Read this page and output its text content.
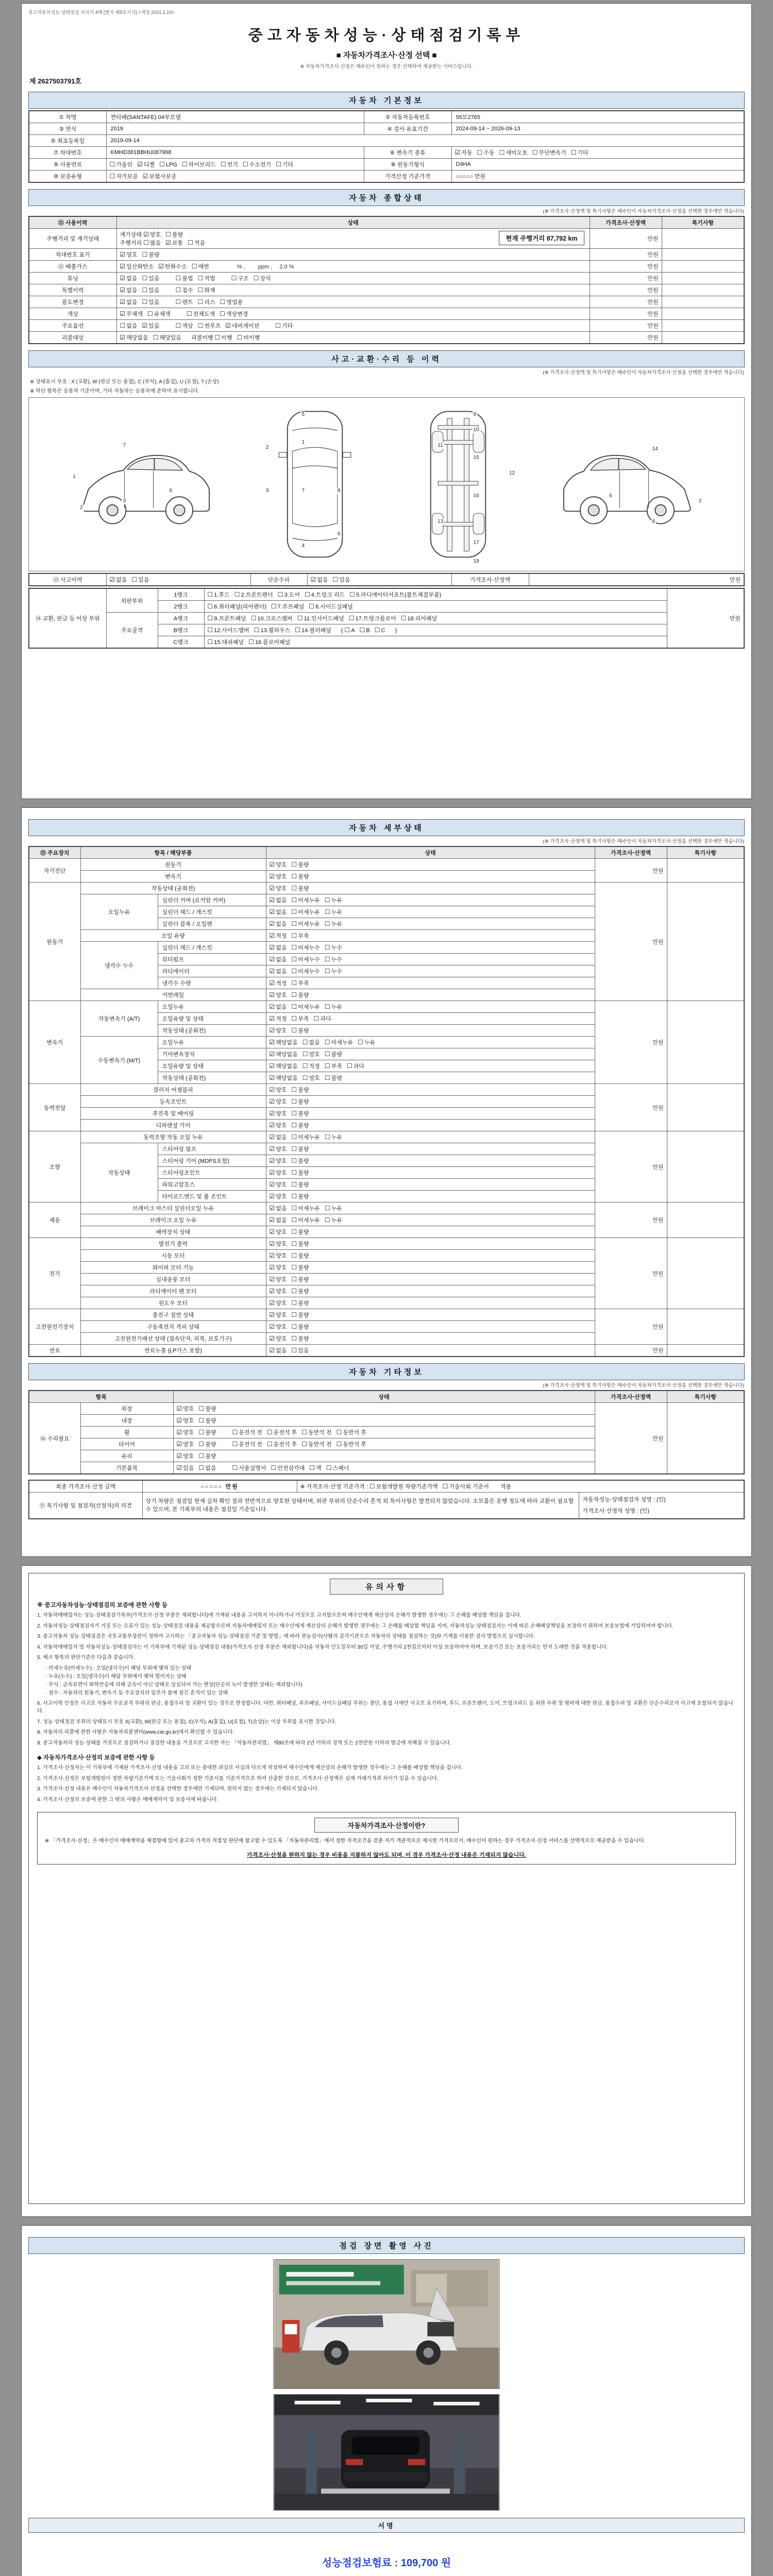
중고자동차성능·상태점검 서식지 4매 [별지 제9호서식] <개정 2021.1.19>
중고자동차성능·상태점검기록부
■ 자동차가격조사·산정 선택 ■
※ 자동차가격조사·산정은 매수인이 원하는 경우 선택하여 제공받는 서비스입니다.
제 2627503791호
자동차 기본정보
① 차명	싼타페(SANTAFE) 04부모델	② 자동차등록번호	55모2765
③ 연식	2019	④ 검사 유효기간	2024-09-14 ~ 2026-09-13
⑤ 최초등록일	2019-09-14		
⑦ 차대번호	KMHD381BBHU087968	⑥ 변속기 종류	☑ 자동 ☐ 수동 ☐ 세미오토 ☐ 무단변속기 ☐ 기타
⑨ 사용연료	☐ 가솔린 ☑ 디젤 ☐ LPG ☐ 하이브리드 ☐ 전기 ☐ 수소전기 ☐ 기타	⑧ 원동기형식	D4HA
⑩ 보증유형	☐ 자가보증 ☑ 보험사보증	가격산정 기준가격	○○○○○ 만원
자동차 종합상태
(※ 가격조사·산정액 및 특기사항은 매수인이 자동차가격조사·산정을 선택한 경우에만 적습니다)
⑪ 사용이력	상태	가격조사·산정액	특기사항
주행거리 및 계기상태	현재 주행거리 87,792 km
계기상태 ☑ 양호 ☐ 불량
주행거리 ☐ 많음 ☑ 보통 ☐ 적음	만원	
차대번호 표기	☑ 양호 ☐ 불량	만원	
⑫ 배출가스	☑ 일산화탄소 ☑ 탄화수소 ☐ 매연 　　 % ,　　 ppm ,　 2.0 %	만원	
튜닝	☑ 없음 ☐ 있음 ☐ 불법 ☐ 적법 ☐ 구조 ☐ 장치	만원	
특별이력	☑ 없음 ☐ 있음 ☐ 침수 ☐ 화재	만원	
용도변경	☑ 없음 ☐ 있음 ☐ 렌트 ☐ 리스 ☐ 영업용	만원	
색상	☑ 무채색 ☐ 유채색 ☐ 전체도색 ☐ 색상변경	만원	
주요옵션	☐ 없음 ☑ 있음 ☐ 색상 ☐ 썬루프 ☑ 네비게이션 ☐ 기타	만원	
리콜대상	☑ 해당없음 ☐ 해당있음 리콜이행 ☐ 이행 ☐ 미이행	만원	
사고·교환·수리 등 이력
(※ 가격조사·산정액 및 특기사항은 매수인이 자동차가격조사·산정을 선택한 경우에만 적습니다)
※ 상태표시 부호 : X (교환), W (판금 또는 용접), C (부식), A (흠집), U (요철), T (손상)
※ 하단 항목은 승용차 기준이며, 기타 자동차는 승용차에 준하여 표시합니다.
7
1
3
6
2
5
1
2
3	7	8
6
4
9
10
11
15
12
16
13
17
18
14
6
8
2
⑬ 사고이력	☑ 없음 ☐ 있음	단순수리	☑ 없음 ☐ 있음	가격조사·산정액	만원
⑭ 교환, 판금 등 이상 부위	외판부위	1랭크	☐ 1.후드 ☐ 2.프론트펜더 ☐ 3.도어 ☐ 4.트렁크 리드 ☐ 5.라디에이터서포트(볼트체결부품)	만원
		2랭크	☐ 6.쿼터패널(리어펜더) ☐ 7.루프패널 ☐ 8.사이드실패널	
	주요골격	A랭크	☐ 9.프론트패널 ☐ 10.크로스멤버 ☐ 11.인사이드패널 ☐ 17.트렁크플로어 ☐ 18.리어패널	
		B랭크	☐ 12.사이드멤버 ☐ 13.휠하우스 ☐ 14.필러패널 ( ☐ A ☐ B ☐ C )	
		C랭크	☐ 15.대쉬패널 ☐ 16.플로어패널	
자동차 세부상태
(※ 가격조사·산정액 및 특기사항은 매수인이 자동차가격조사·산정을 선택한 경우에만 적습니다)
⑮ 주요장치	항목 / 해당부품		상태	가격조사·산정액	특기사항
자기진단	원동기		☑ 양호 ☐ 불량	만원	
	변속기		☑ 양호 ☐ 불량		
원동기	작동상태 (공회전)		☑ 양호 ☐ 불량	만원	
	오일누유	실린더 커버 (로커암 커버)	☑ 없음 ☐ 미세누유 ☐ 누유		
		실린더 헤드 / 개스킷	☑ 없음 ☐ 미세누유 ☐ 누유		
		실린더 블록 / 오일팬	☑ 없음 ☐ 미세누유 ☐ 누유		
	오일 유량		☑ 적정 ☐ 부족		
	냉각수 누수	실린더 헤드 / 개스킷	☑ 없음 ☐ 미세누수 ☐ 누수		
		워터펌프	☑ 없음 ☐ 미세누수 ☐ 누수		
		라디에이터	☑ 없음 ☐ 미세누수 ☐ 누수		
		냉각수 수량	☑ 적정 ☐ 부족		
	커먼레일		☑ 양호 ☐ 불량		
변속기	자동변속기 (A/T)	오일누유	☑ 없음 ☐ 미세누유 ☐ 누유	만원	
		오일유량 및 상태	☑ 적정 ☐ 부족 ☐ 과다		
		작동상태 (공회전)	☑ 양호 ☐ 불량		
	수동변속기 (M/T)	오일누유	☑ 해당없음 ☐ 없음 ☐ 미세누유 ☐ 누유		
		기어변속장치	☑ 해당없음 ☐ 양호 ☐ 불량		
		오일유량 및 상태	☑ 해당없음 ☐ 적정 ☐ 부족 ☐ 과다		
		작동상태 (공회전)	☑ 해당없음 ☐ 양호 ☐ 불량		
동력전달	클러치 어셈블리		☑ 양호 ☐ 불량	만원	
	등속조인트		☑ 양호 ☐ 불량		
	추진축 및 베어링		☑ 양호 ☐ 불량		
	디퍼렌셜 기어		☑ 양호 ☐ 불량		
조향	동력조향 작동 오일 누유		☑ 없음 ☐ 미세누유 ☐ 누유	만원	
	작동상태	스티어링 펌프	☑ 양호 ☐ 불량		
		스티어링 기어 (MDPS포함)	☑ 양호 ☐ 불량		
		스티어링조인트	☑ 양호 ☐ 불량		
		파워고압호스	☑ 양호 ☐ 불량		
		타이로드엔드 및 볼 조인트	☑ 양호 ☐ 불량		
제동	브레이크 마스터 실린더오일 누유		☑ 없음 ☐ 미세누유 ☐ 누유	만원	
	브레이크 오일 누유		☑ 없음 ☐ 미세누유 ☐ 누유		
	배력장치 상태		☑ 양호 ☐ 불량		
전기	발전기 출력		☑ 양호 ☐ 불량	만원	
	시동 모터		☑ 양호 ☐ 불량		
	와이퍼 모터 기능		☑ 양호 ☐ 불량		
	실내송풍 모터		☑ 양호 ☐ 불량		
	라디에이터 팬 모터		☑ 양호 ☐ 불량		
	윈도우 모터		☑ 양호 ☐ 불량		
고전원전기장치	충전구 절연 상태		☑ 양호 ☐ 불량	만원	
	구동축전지 격리 상태		☑ 양호 ☐ 불량		
	고전원전기배선 상태 (접속단자, 피복, 보호기구)		☑ 양호 ☐ 불량		
연료	연료누출 (LP가스 포함)		☑ 없음 ☐ 있음	만원	
자동차 기타정보
(※ 가격조사·산정액 및 특기사항은 매수인이 자동차가격조사·산정을 선택한 경우에만 적습니다)
항목		상태	가격조사·산정액	특기사항
⑯ 수리필요	외장	☑ 양호 ☐ 불량	만원	
	내장	☑ 양호 ☐ 불량		
	휠	☑ 양호 ☐ 불량 ☐ 운전석 전 ☐ 운전석 후 ☐ 동반석 전 ☐ 동반석 후		
	타이어	☑ 양호 ☐ 불량 ☐ 운전석 전 ☐ 운전석 후 ☐ 동반석 전 ☐ 동반석 후		
	유리	☑ 양호 ☐ 불량		
	기본품목	☑ 있음 ☐ 없음 ☐ 사용설명서 ☐ 안전삼각대 ☐ 잭 ☐ 스패너		
최종 가격조사·산정 금액	○○○○○ 만원	※ 가격조사·산정 기준가격 : ☐ 보험개발원 차량기준가액 ☐ 기술사회 기준서 적용	
⑰ 특기사항 및 점검자(산정자)의 의견	상기 차량은 점검일 현재 실차 확인 결과 전반적으로 양호한 상태이며, 외판 부위의 단순수리 흔적 외 특이사항은 발견되지 않았습니다. 소모품은 운행 정도에 따라 교환이 필요할 수 있으며, 본 기록부의 내용은 점검일 기준입니다.		자동차성능·상태점검자 성명 : (인)
가격조사·산정자 성명 : (인)
유의사항
※ 중고자동차성능·상태점검의 보증에 관한 사항 등
1. 자동차매매업자는 성능·상태점검기록부(가격조사·산정 부분은 제외합니다)에 기재된 내용을 고지하지 아니하거나 거짓으로 고지함으로써 매수인에게 재산상의 손해가 발생한 경우에는 그 손해를 배상할 책임을 집니다.
2. 자동차성능·상태점검자가 거짓 또는 오류가 있는 성능·상태점검 내용을 제공함으로써 자동차매매업자 또는 매수인에게 재산상의 손해가 발생한 경우에는 그 손해를 배상할 책임을 지며, 자동차성능·상태점검자는 이에 따른 손해배상책임을 보장하기 위하여 보증보험에 가입하여야 합니다.
3. 중고자동차 성능·상태점검은 국토교통부장관이 정하여 고시하는 「중고자동차 성능·상태점검 기준 및 방법」에 따라 관능검사(사람의 감각기관으로 자동차의 상태를 점검하는 것)와 기계를 이용한 검사 방법으로 실시합니다.
4. 자동차매매업자 및 자동차성능·상태점검자는 이 기록부에 기재된 성능·상태점검 내용(가격조사·산정 부분은 제외합니다)을 자동차 인도일부터 30일 이상, 주행거리 2천킬로미터 이상 보증하여야 하며, 보증기간 또는 보증거리는 먼저 도래한 것을 적용합니다.
5. 체크 항목의 판단기준은 다음과 같습니다.
· 미세누유(미세누수) : 오일(냉각수)이 해당 부위에 맺혀 있는 상태
· 누유(누수) : 오일(냉각수)이 해당 부위에서 맺혀 떨어지는 상태
· 부식 : 금속표면이 화학반응에 의해 금속이 아닌 상태로 상실되어 가는 현상(단순히 녹이 발생한 상태는 제외합니다)
· 침수 : 자동차의 원동기, 변속기 등 주요장치의 일부가 물에 잠긴 흔적이 있는 상태
6. 사고이력 인정은 사고로 자동차 주요골격 부위의 판금, 용접수리 및 교환이 있는 경우로 한정합니다. 다만, 쿼터패널, 루프패널, 사이드실패널 부위는 절단, 용접 시에만 사고로 표기하며, 후드, 프론트펜더, 도어, 트렁크리드 등 외판 부위 및 범퍼에 대한 판금, 용접수리 및 교환은 단순수리로서 사고에 포함되지 않습니다.
7. 성능·상태점검 부위의 상태표시 부호 X(교환), W(판금 또는 용접), C(부식), A(흠집), U(요철), T(손상)는 이상 부위를 표시한 것입니다.
8. 자동차의 리콜에 관한 사항은 자동차리콜센터(www.car.go.kr)에서 확인할 수 있습니다.
9. 중고자동차의 성능·상태를 거짓으로 점검하거나 점검한 내용을 거짓으로 고지한 자는 「자동차관리법」 제80조에 따라 2년 이하의 징역 또는 2천만원 이하의 벌금에 처해질 수 있습니다.
◆ 자동차가격조사·산정의 보증에 관한 사항 등
1. 가격조사·산정자는 이 기록부에 기재된 가격조사·산정 내용을 고의 또는 중대한 과실로 사실과 다르게 작성하여 매수인에게 재산상의 손해가 발생한 경우에는 그 손해를 배상할 책임을 집니다.
2. 가격조사·산정은 보험개발원이 정한 차량기준가액 또는 기술사회가 정한 기준서를 기준가격으로 하여 산출한 것으로, 가격조사·산정액은 실제 거래가격과 차이가 있을 수 있습니다.
3. 가격조사·산정 내용은 매수인이 자동차가격조사·산정을 선택한 경우에만 기재되며, 원하지 않는 경우에는 기재되지 않습니다.
4. 가격조사·산정의 보증에 관한 그 밖의 사항은 매매계약서 및 보증서에 따릅니다.
자동차가격조사·산정이란?
※ 「가격조사·산정」은 매수인이 매매계약을 체결함에 있어 중고차 가격의 적절성 판단에 참고할 수 있도록 「자동차관리법」에서 정한 자격요건을 갖춘 자가 객관적으로 제시한 가격으로서, 매수인이 원하는 경우 가격조사·산정 서비스를 선택적으로 제공받을 수 있습니다.
가격조사·산정을 원하지 않는 경우 비용을 지불하지 않아도 되며, 이 경우 가격조사·산정 내용은 기재되지 않습니다.
점검 장면 촬영 사진
서명
성능점검보험료 : 109,700 원
